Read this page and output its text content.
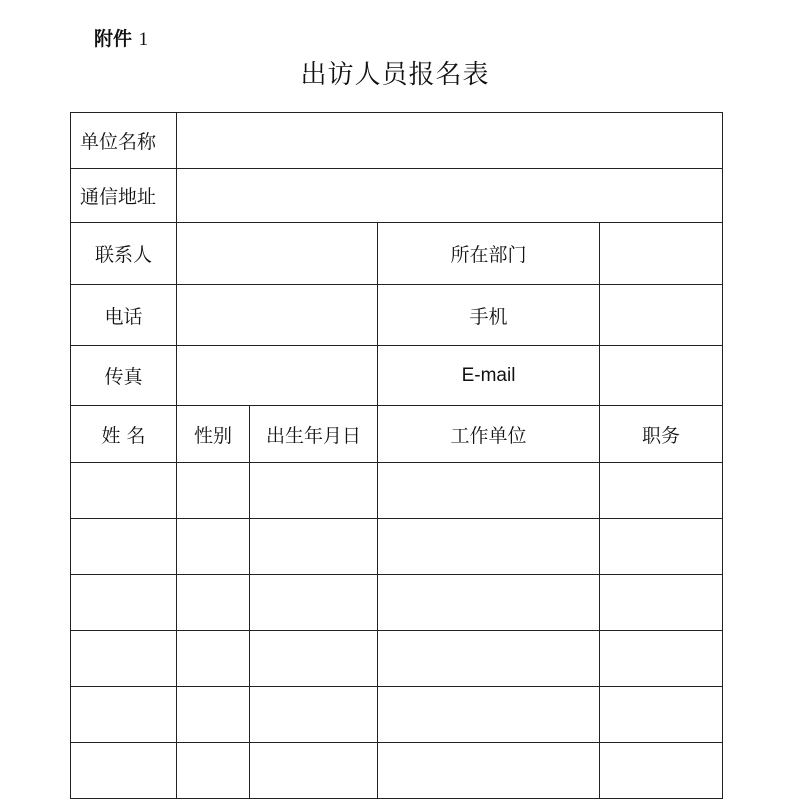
附件 1
出访人员报名表
单位名称				
通信地址				
联系人			所在部门	
电话			手机	
传真			E-mail	
姓 名	性别	出生年月日	工作单位	职务
